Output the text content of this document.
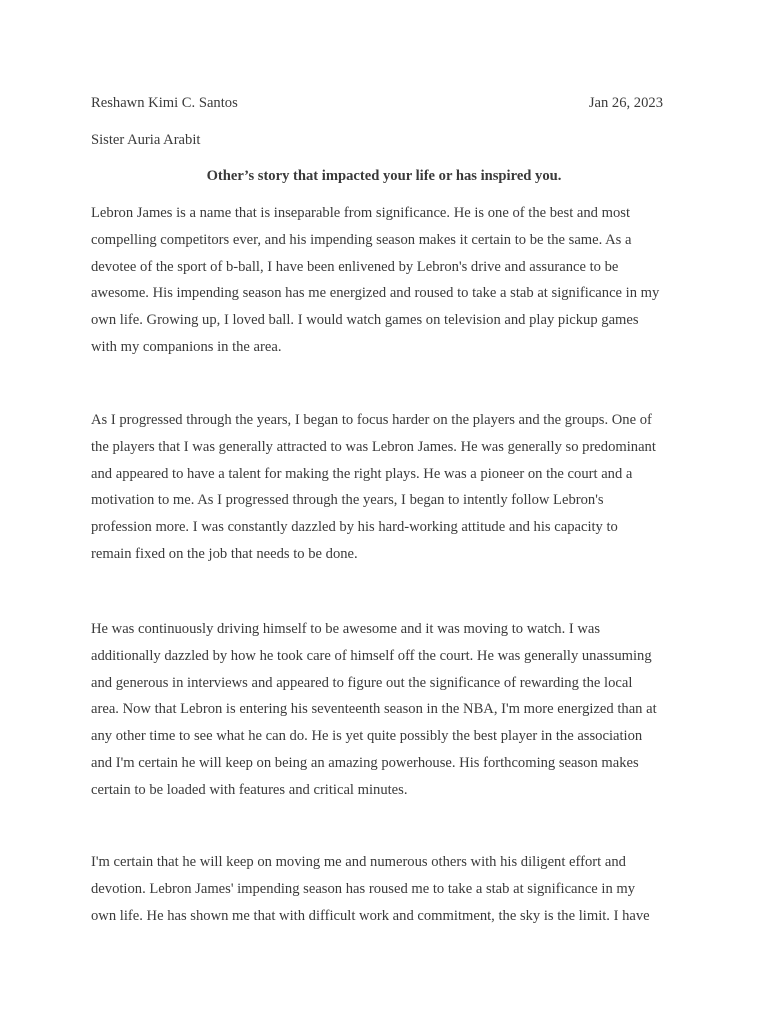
Reshawn Kimi C. Santos	Jan 26, 2023
Sister Auria Arabit
Other’s story that impacted your life or has inspired you.
Lebron James is a name that is inseparable from significance. He is one of the best and most
compelling competitors ever, and his impending season makes it certain to be the same. As a
devotee of the sport of b-ball, I have been enlivened by Lebron's drive and assurance to be
awesome. His impending season has me energized and roused to take a stab at significance in my
own life. Growing up, I loved ball. I would watch games on television and play pickup games
with my companions in the area.
As I progressed through the years, I began to focus harder on the players and the groups. One of
the players that I was generally attracted to was Lebron James. He was generally so predominant
and appeared to have a talent for making the right plays. He was a pioneer on the court and a
motivation to me. As I progressed through the years, I began to intently follow Lebron's
profession more. I was constantly dazzled by his hard-working attitude and his capacity to
remain fixed on the job that needs to be done.
He was continuously driving himself to be awesome and it was moving to watch. I was
additionally dazzled by how he took care of himself off the court. He was generally unassuming
and generous in interviews and appeared to figure out the significance of rewarding the local
area. Now that Lebron is entering his seventeenth season in the NBA, I'm more energized than at
any other time to see what he can do. He is yet quite possibly the best player in the association
and I'm certain he will keep on being an amazing powerhouse. His forthcoming season makes
certain to be loaded with features and critical minutes.
I'm certain that he will keep on moving me and numerous others with his diligent effort and
devotion. Lebron James' impending season has roused me to take a stab at significance in my
own life. He has shown me that with difficult work and commitment, the sky is the limit. I have
